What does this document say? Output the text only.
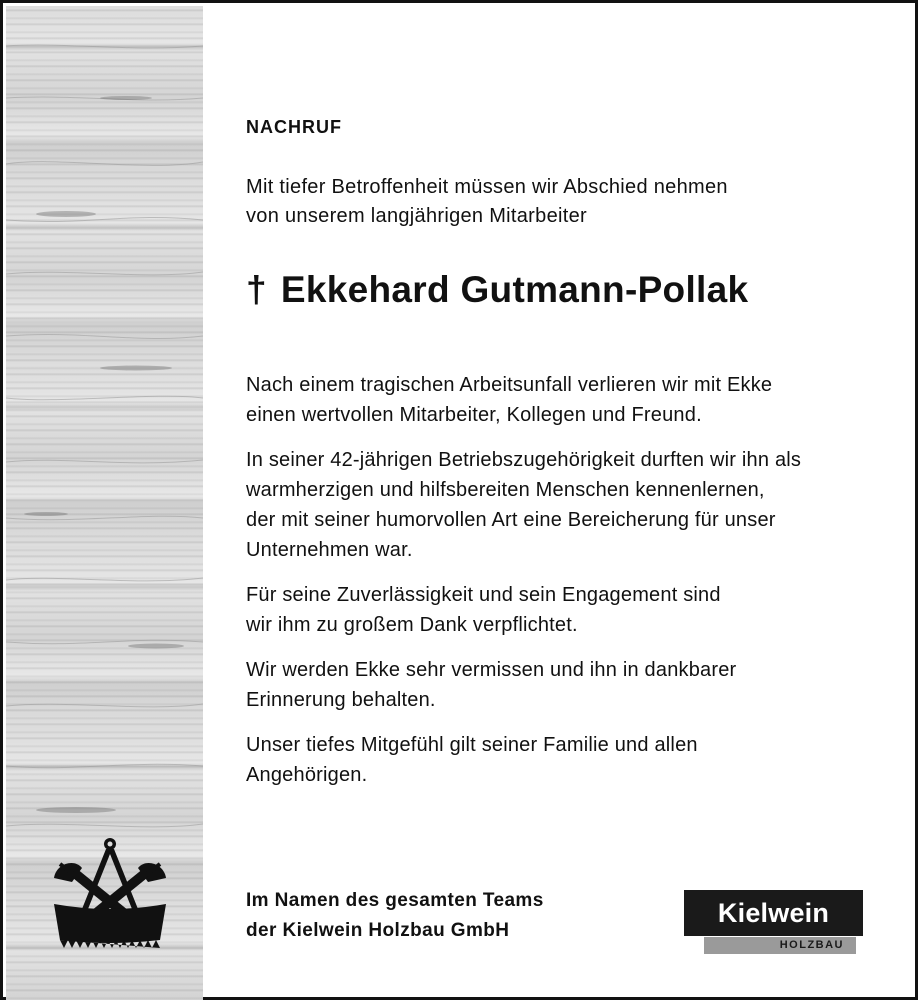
NACHRUF
Mit tiefer Betroffenheit müssen wir Abschied nehmen
von unserem langjährigen Mitarbeiter
† Ekkehard Gutmann-Pollak

Nach einem tragischen Arbeitsunfall verlieren wir mit Ekke
einen wertvollen Mitarbeiter, Kollegen und Freund.

In seiner 42-jährigen Betriebszugehörigkeit durften wir ihn als
warmherzigen und hilfsbereiten Menschen kennenlernen,
der mit seiner humorvollen Art eine Bereicherung für unser
Unternehmen war.

Für seine Zuverlässigkeit und sein Engagement sind
wir ihm zu großem Dank verpflichtet.

Wir werden Ekke sehr vermissen und ihn in dankbarer
Erinnerung behalten.

Unser tiefes Mitgefühl gilt seiner Familie und allen
Angehörigen.

Im Namen des gesamten Teams
der Kielwein Holzbau GmbH
Kielwein
HOLZBAU
